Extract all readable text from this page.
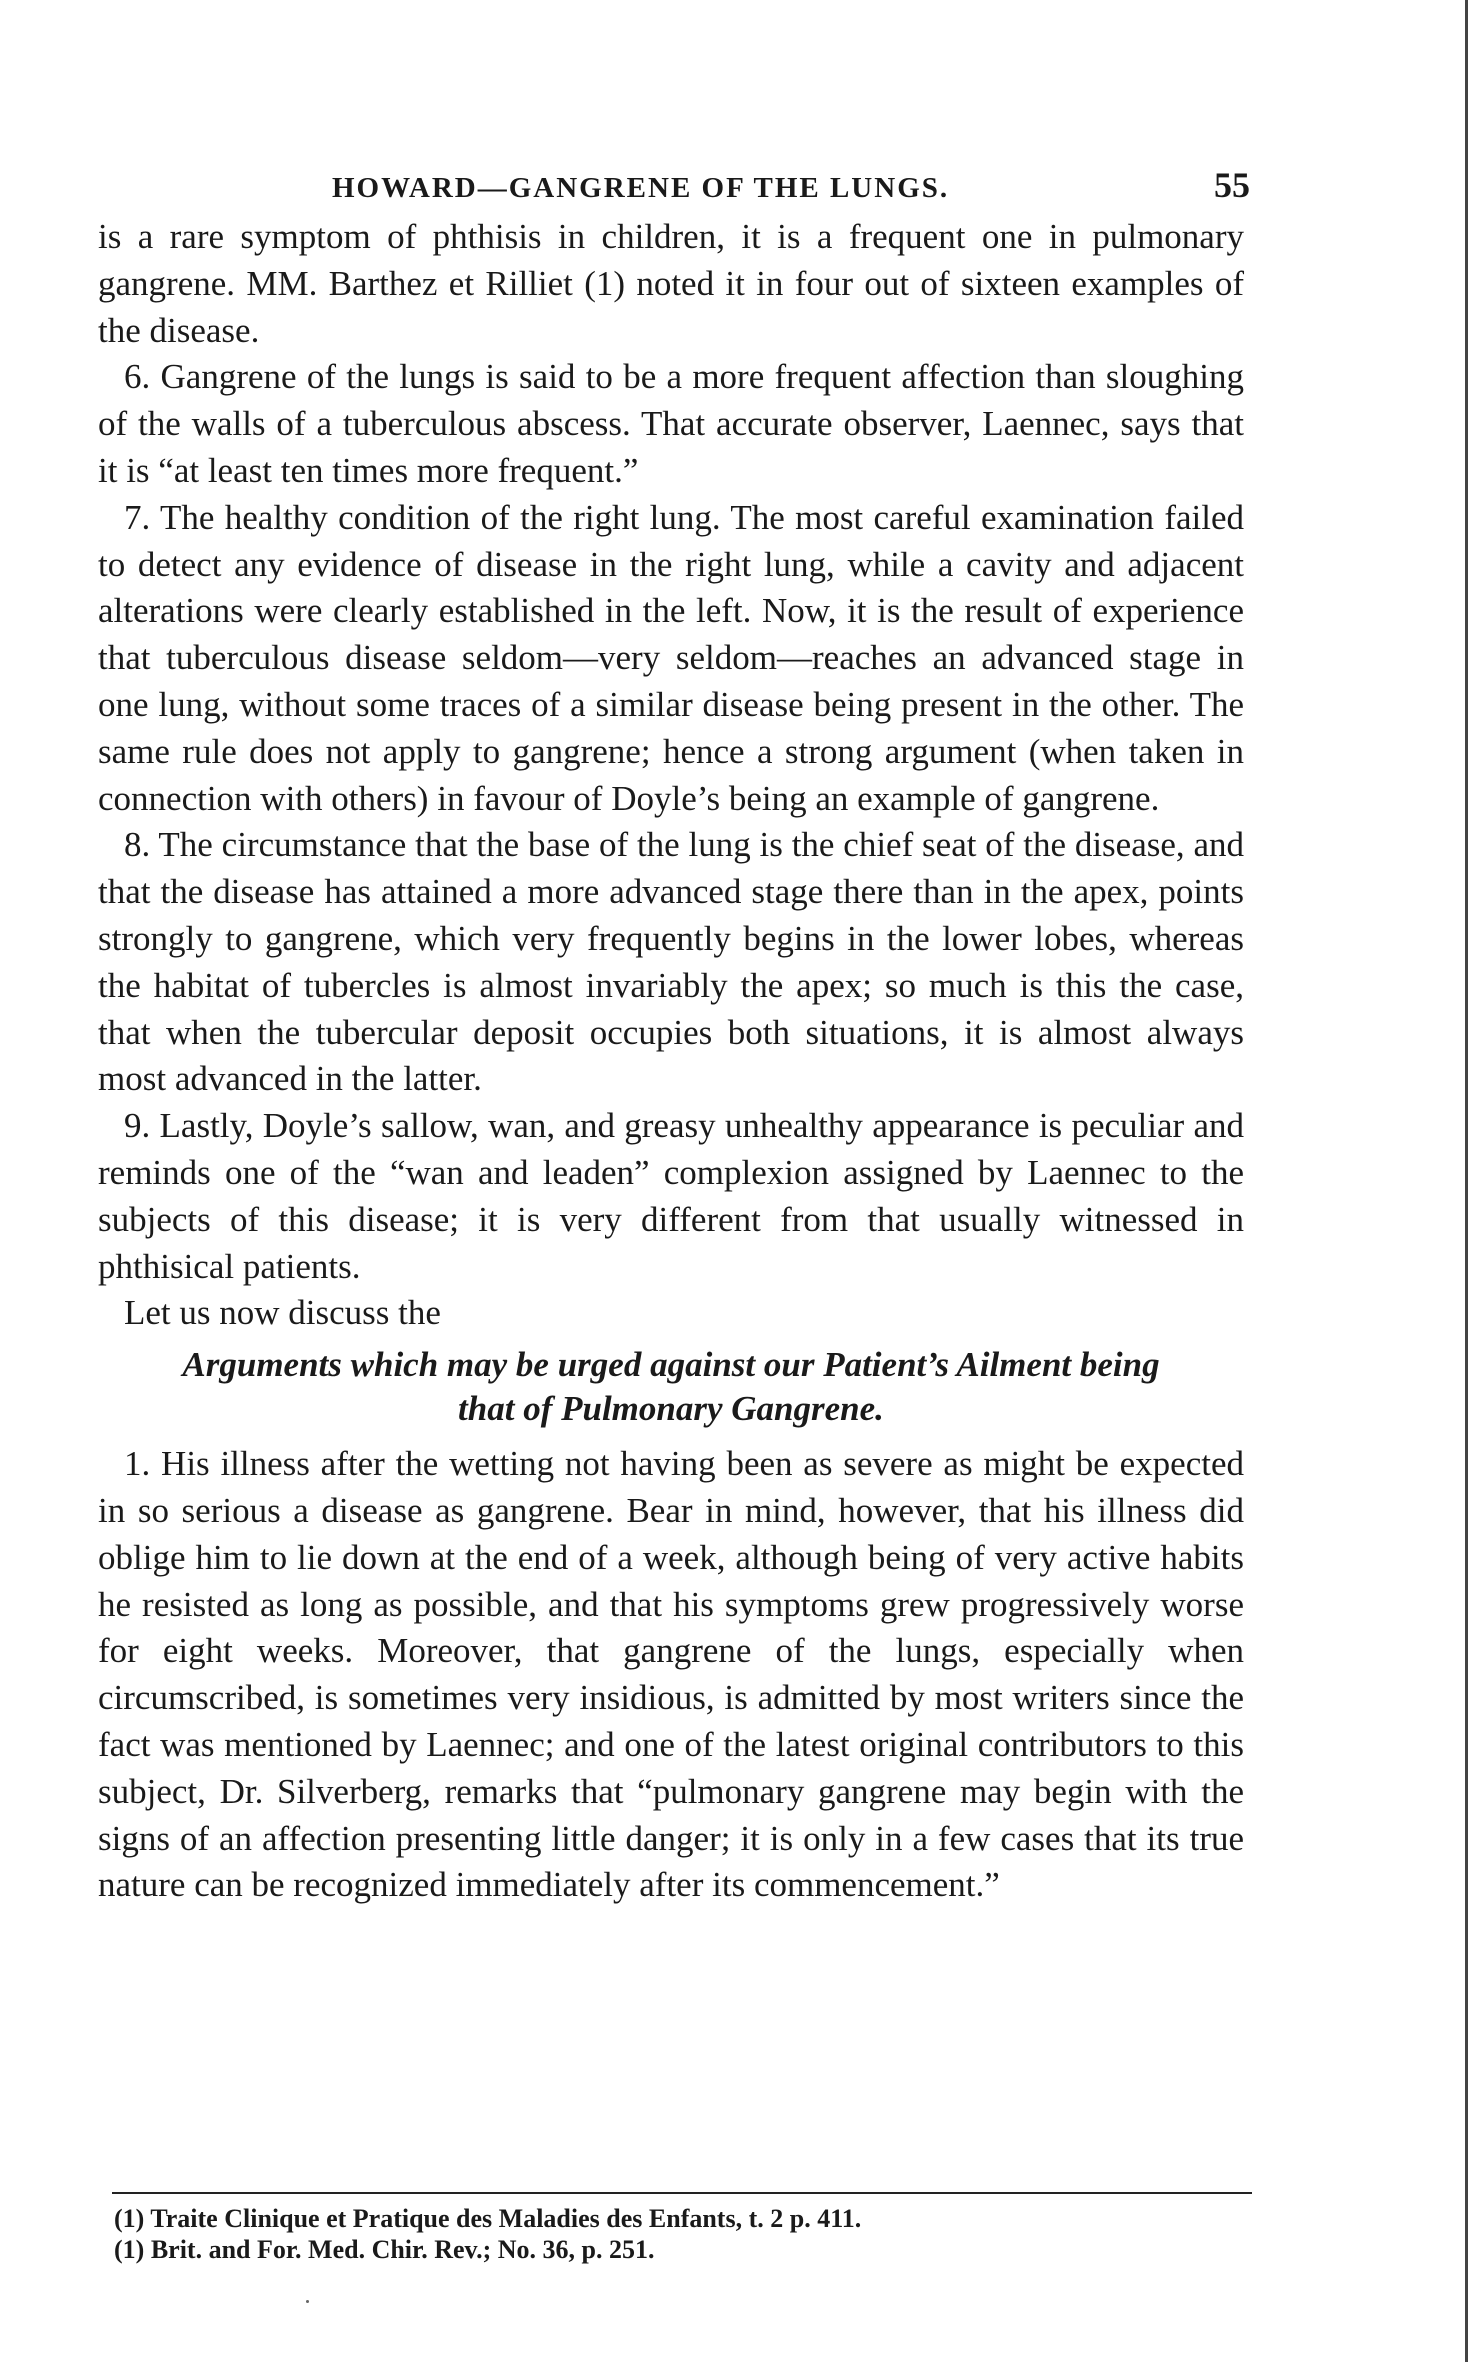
HOWARD—GANGRENE OF THE LUNGS.	55

is a rare symptom of phthisis in children, it is a frequent one in pulmonary gangrene. MM. Barthez et Rilliet (1) noted it in four out of sixteen examples of the disease.

6. Gangrene of the lungs is said to be a more frequent affection than sloughing of the walls of a tuberculous abscess. That accurate observer, Laennec, says that it is “at least ten times more frequent.”

7. The healthy condition of the right lung. The most careful examination failed to detect any evidence of disease in the right lung, while a cavity and adjacent alterations were clearly established in the left. Now, it is the result of experience that tuberculous disease seldom—very seldom—reaches an advanced stage in one lung, without some traces of a similar disease being present in the other. The same rule does not apply to gangrene; hence a strong argument (when taken in connection with others) in favour of Doyle’s being an example of gangrene.

8. The circumstance that the base of the lung is the chief seat of the disease, and that the disease has attained a more advanced stage there than in the apex, points strongly to gangrene, which very frequently begins in the lower lobes, whereas the habitat of tubercles is almost invariably the apex; so much is this the case, that when the tubercular deposit occupies both situations, it is almost always most advanced in the latter.

9. Lastly, Doyle’s sallow, wan, and greasy unhealthy appearance is peculiar and reminds one of the “wan and leaden” complexion assigned by Laennec to the subjects of this disease; it is very different from that usually witnessed in phthisical patients.

Let us now discuss the

Arguments which may be urged against our Patient’s Ailment being
that of Pulmonary Gangrene.

1. His illness after the wetting not having been as severe as might be expected in so serious a disease as gangrene. Bear in mind, however, that his illness did oblige him to lie down at the end of a week, although being of very active habits he resisted as long as possible, and that his symptoms grew progressively worse for eight weeks. Moreover, that gangrene of the lungs, especially when circumscribed, is sometimes very insidious, is admitted by most writers since the fact was mentioned by Laennec; and one of the latest original contributors to this subject, Dr. Silverberg, remarks that “pulmonary gangrene may begin with the signs of an affection presenting little danger; it is only in a few cases that its true nature can be recognized immediately after its commencement.”

(1) Traite Clinique et Pratique des Maladies des Enfants, t. 2 p. 411.
(1) Brit. and For. Med. Chir. Rev.; No. 36, p. 251.
